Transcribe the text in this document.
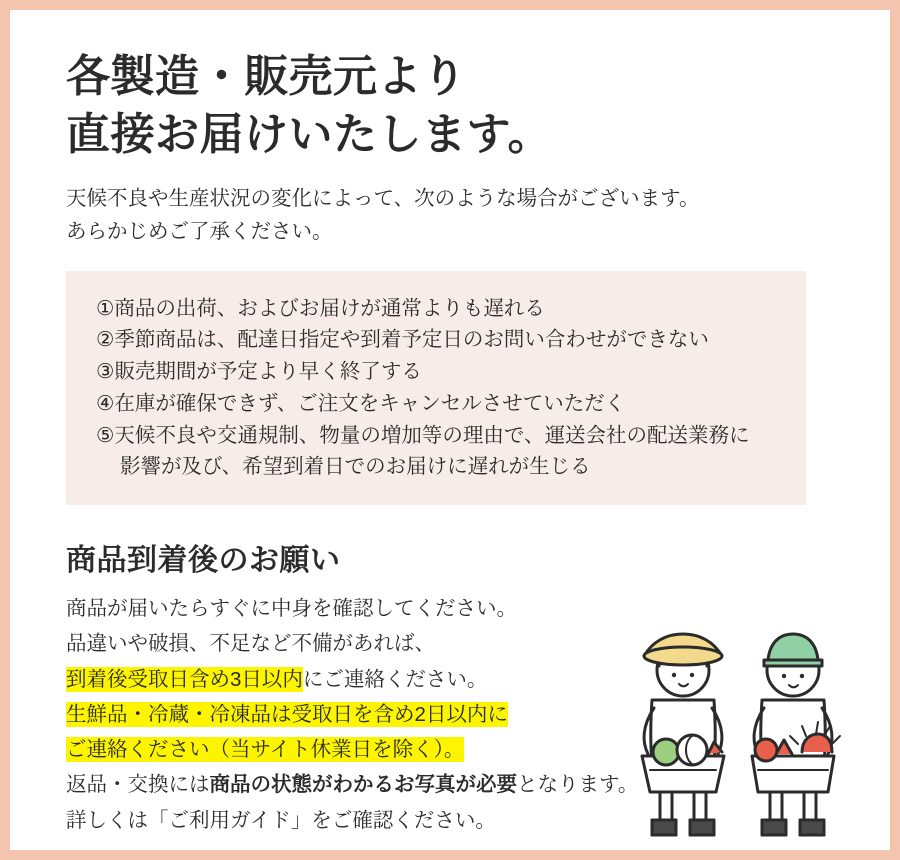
各製造・販売元より
直接お届けいたします。

天候不良や生産状況の変化によって、次のような場合がございます。
あらかじめご了承ください。

①商品の出荷、およびお届けが通常よりも遅れる
②季節商品は、配達日指定や到着予定日のお問い合わせができない
③販売期間が予定より早く終了する
④在庫が確保できず、ご注文をキャンセルさせていただく
⑤天候不良や交通規制、物量の増加等の理由で、運送会社の配送業務に
影響が及び、希望到着日でのお届けに遅れが生じる
商品到着後のお願い
商品が届いたらすぐに中身を確認してください。
品違いや破損、不足など不備があれば、
到着後受取日含め3日以内にご連絡ください。
生鮮品・冷蔵・冷凍品は受取日を含め2日以内に
ご連絡ください（当サイト休業日を除く）。
返品・交換には商品の状態がわかるお写真が必要となります。
詳しくは「ご利用ガイド」をご確認ください。
